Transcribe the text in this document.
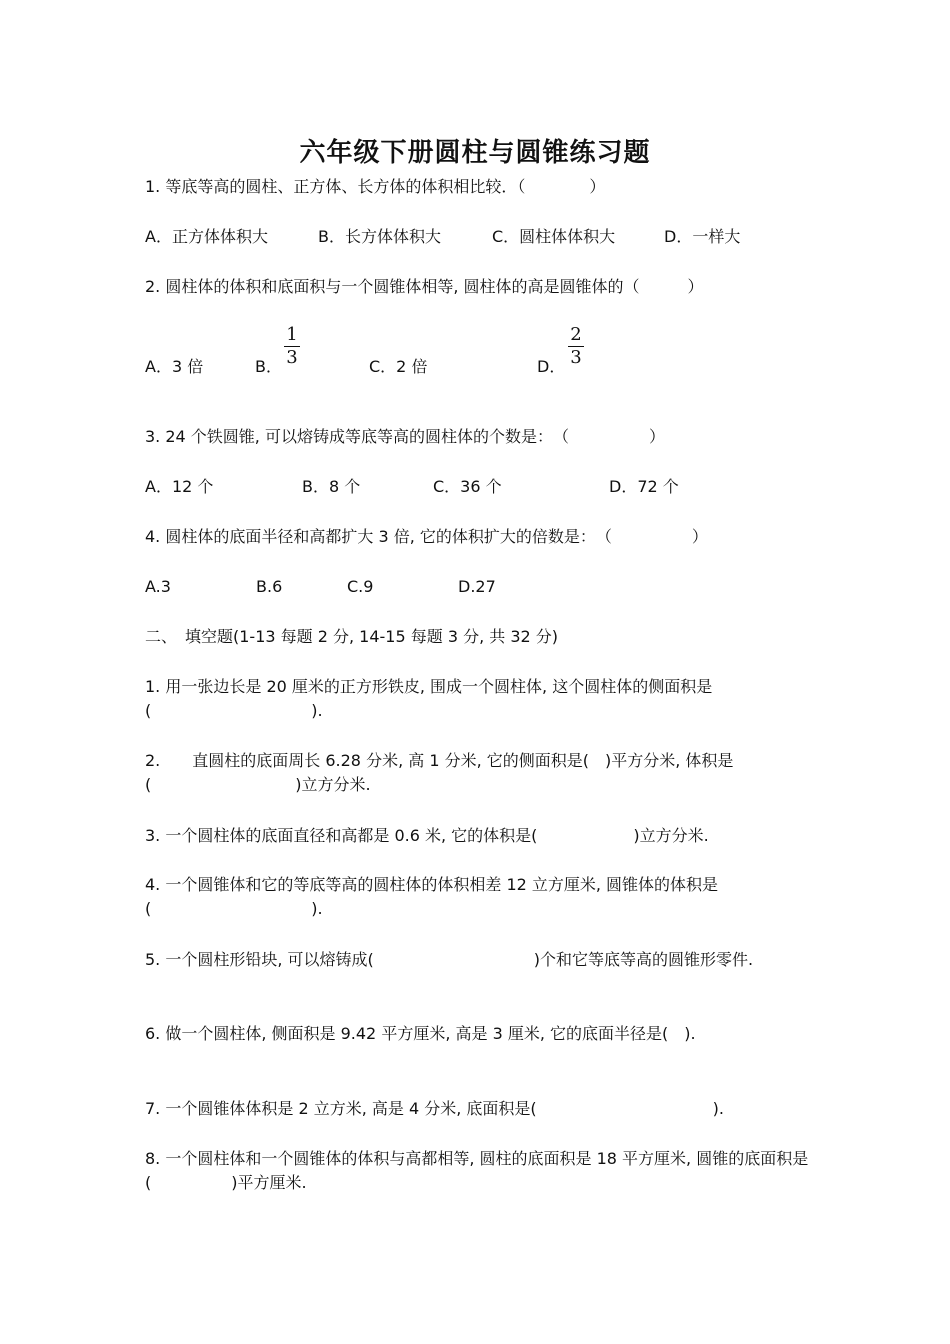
六年级下册圆柱与圆锥练习题
1. 等底等高的圆柱、正方体、长方体的体积相比较．（　　　　）
A．正方体体积大	B．长方体体积大	C．圆柱体体积大	D．一样大
2. 圆柱体的体积和底面积与一个圆锥体相等, 圆柱体的高是圆锥体的（　　　）
A．3 倍	B．
1
3	C．2 倍	D．
2
3
3. 24 个铁圆锥, 可以熔铸成等底等高的圆柱体的个数是：　（　　　　　）
A．12 个	B．8 个	C．36 个	D．72 个
4. 圆柱体的底面半径和高都扩大 3 倍, 它的体积扩大的倍数是：　（　　　　　）
A.3	B.6	C.9	D.27
二、　填空题(1-13 每题 2 分, 14-15 每题 3 分, 共 32 分)
1. 用一张边长是 20 厘米的正方形铁皮, 围成一个圆柱体, 这个圆柱体的侧面积是(　　　　　　　　　　).
2.　　直圆柱的底面周长 6.28 分米, 高 1 分米, 它的侧面积是(　)平方分米, 体积是(　　　　　　　　　)立方分米.
3. 一个圆柱体的底面直径和高都是 0.6 米, 它的体积是(　　　　　　)立方分米.
4. 一个圆锥体和它的等底等高的圆柱体的体积相差 12 立方厘米, 圆锥体的体积是(　　　　　　　　　　).
5. 一个圆柱形铅块, 可以熔铸成(　　　　　　　　　　)个和它等底等高的圆锥形零件.
6. 做一个圆柱体, 侧面积是 9.42 平方厘米, 高是 3 厘米, 它的底面半径是(　).
7. 一个圆锥体体积是 2 立方米, 高是 4 分米, 底面积是(　　　　　　　　　　　).
8. 一个圆柱体和一个圆锥体的体积与高都相等, 圆柱的底面积是 18 平方厘米, 圆锥的底面积是(　　　　　)平方厘米.
